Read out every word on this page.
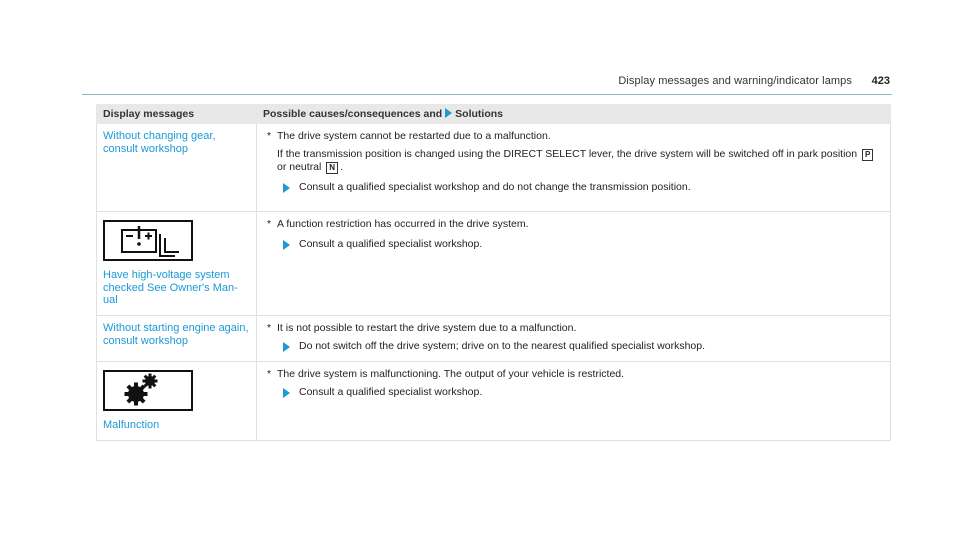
Display messages and warning/indicator lamps 423
Display messages	Possible causes/consequences and Solutions

Without changing gear, consult workshop	* The drive system cannot be restarted due to a malfunction.
If the transmission position is changed using the DIRECT SELECT lever, the drive system will be switched off in park position P or neutral N .
Consult a qualified specialist workshop and do not change the transmission position.

Have high-voltage system checked See Owner's Man- ual	* A function restriction has occurred in the drive system.
Consult a qualified specialist workshop.

Without starting engine again, consult workshop	* It is not possible to restart the drive system due to a malfunction.
Do not switch off the drive system; drive on to the nearest qualified specialist workshop.

Malfunction	* The drive system is malfunctioning. The output of your vehicle is restricted.
Consult a qualified specialist workshop.
